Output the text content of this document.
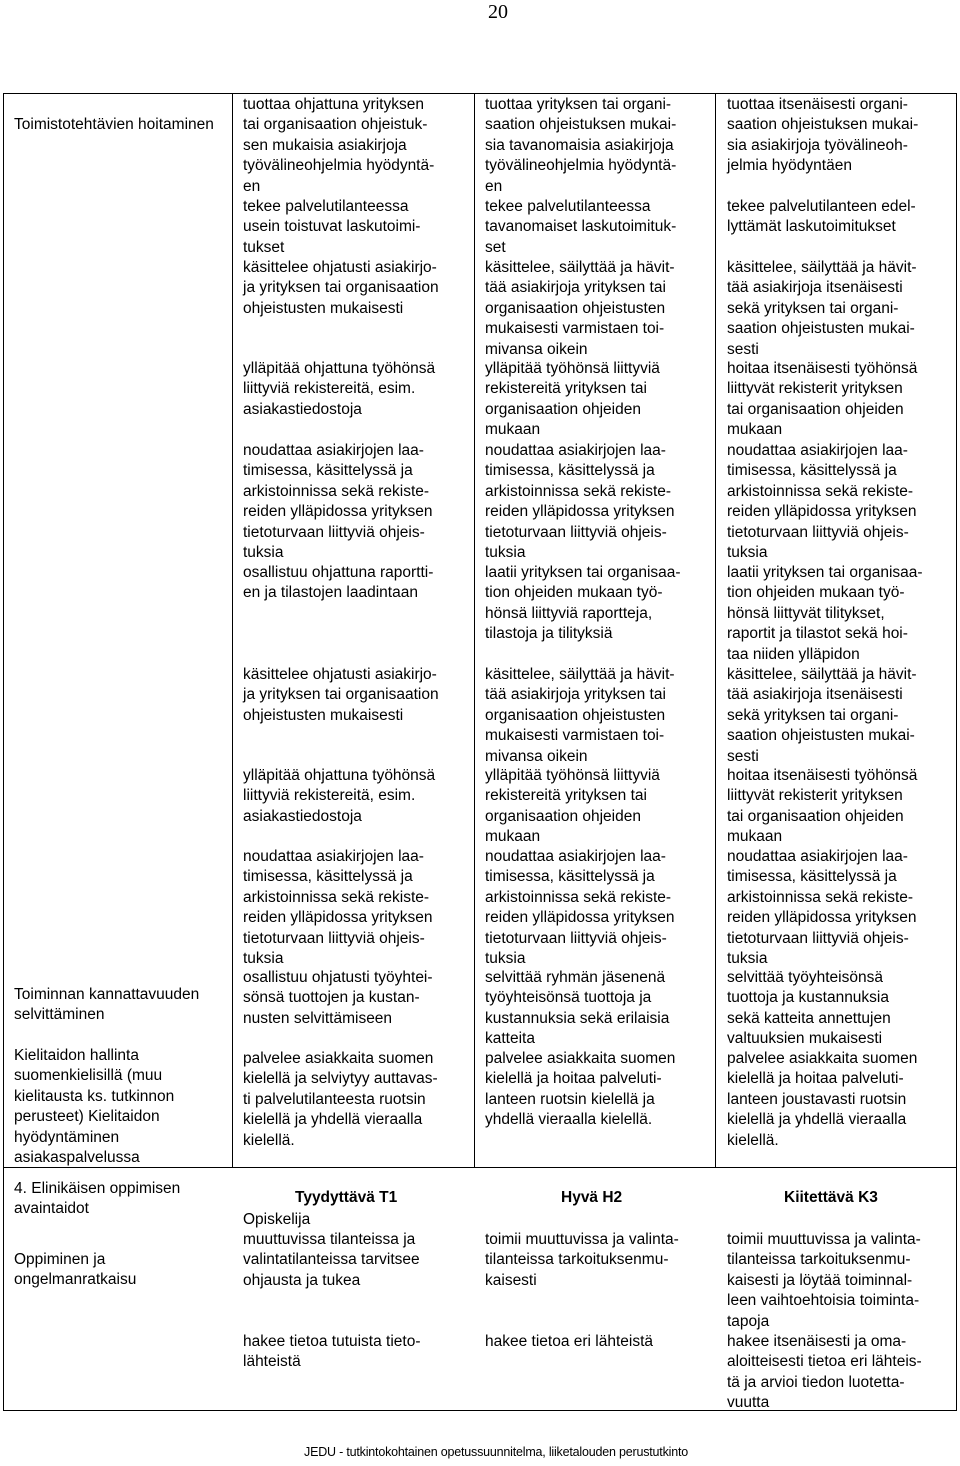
20
Toimistotehtävien hoitaminen
Toiminnan kannattavuuden selvittäminen
Kielitaidon hallinta suomenkielisillä (muu kielitausta ks. tutkinnon perusteet) Kielitaidon hyödyntäminen asiakaspalvelussa
4. Elinikäisen oppimisen avaintaidot
Oppiminen ja ongelmanratkaisu
Tyydyttävä T1	Hyvä H2	Kiitettävä K3
Opiskelija
JEDU - tutkintokohtainen opetussuunnitelma, liiketalouden perustutkinto
tuottaa ohjattuna yrityksen
tai organisaation ohjeistuk-
sen mukaisia asiakirjoja
työvälineohjelmia hyödyntä-
en
tekee palvelutilanteessa
usein toistuvat laskutoimi-
tukset
käsittelee ohjatusti asiakirjo-
ja yrityksen tai organisaation
ohjeistusten mukaisesti
ylläpitää ohjattuna työhönsä
liittyviä rekistereitä, esim.
asiakastiedostoja
noudattaa asiakirjojen laa-
timisessa, käsittelyssä ja
arkistoinnissa sekä rekiste-
reiden ylläpidossa yrityksen
tietoturvaan liittyviä ohjeis-
tuksia
osallistuu ohjattuna raportti-
en ja tilastojen laadintaan
käsittelee ohjatusti asiakirjo-
ja yrityksen tai organisaation
ohjeistusten mukaisesti
ylläpitää ohjattuna työhönsä
liittyviä rekistereitä, esim.
asiakastiedostoja
noudattaa asiakirjojen laa-
timisessa, käsittelyssä ja
arkistoinnissa sekä rekiste-
reiden ylläpidossa yrityksen
tietoturvaan liittyviä ohjeis-
tuksia
osallistuu ohjatusti työyhtei-
sönsä tuottojen ja kustan-
nusten selvittämiseen
palvelee asiakkaita suomen
kielellä ja selviytyy auttavas-
ti palvelutilanteesta ruotsin
kielellä ja yhdellä vieraalla
kielellä.
tuottaa yrityksen tai organi-
saation ohjeistuksen mukai-
sia tavanomaisia asiakirjoja
työvälineohjelmia hyödyntä-
en
tekee palvelutilanteessa
tavanomaiset laskutoimituk-
set
käsittelee, säilyttää ja hävit-
tää asiakirjoja yrityksen tai
organisaation ohjeistusten
mukaisesti varmistaen toi-
mivansa oikein
ylläpitää työhönsä liittyviä
rekistereitä yrityksen tai
organisaation ohjeiden
mukaan
noudattaa asiakirjojen laa-
timisessa, käsittelyssä ja
arkistoinnissa sekä rekiste-
reiden ylläpidossa yrityksen
tietoturvaan liittyviä ohjeis-
tuksia
laatii yrityksen tai organisaa-
tion ohjeiden mukaan työ-
hönsä liittyviä raportteja,
tilastoja ja tilityksiä
käsittelee, säilyttää ja hävit-
tää asiakirjoja yrityksen tai
organisaation ohjeistusten
mukaisesti varmistaen toi-
mivansa oikein
ylläpitää työhönsä liittyviä
rekistereitä yrityksen tai
organisaation ohjeiden
mukaan
noudattaa asiakirjojen laa-
timisessa, käsittelyssä ja
arkistoinnissa sekä rekiste-
reiden ylläpidossa yrityksen
tietoturvaan liittyviä ohjeis-
tuksia
selvittää ryhmän jäsenenä
työyhteisönsä tuottoja ja
kustannuksia sekä erilaisia
katteita
palvelee asiakkaita suomen
kielellä ja hoitaa palveluti-
lanteen ruotsin kielellä ja
yhdellä vieraalla kielellä.
tuottaa itsenäisesti organi-
saation ohjeistuksen mukai-
sia asiakirjoja työvälineoh-
jelmia hyödyntäen
tekee palvelutilanteen edel-
lyttämät laskutoimitukset
käsittelee, säilyttää ja hävit-
tää asiakirjoja itsenäisesti
sekä yrityksen tai organi-
saation ohjeistusten mukai-
sesti
hoitaa itsenäisesti työhönsä
liittyvät rekisterit yrityksen
tai organisaation ohjeiden
mukaan
noudattaa asiakirjojen laa-
timisessa, käsittelyssä ja
arkistoinnissa sekä rekiste-
reiden ylläpidossa yrityksen
tietoturvaan liittyviä ohjeis-
tuksia
laatii yrityksen tai organisaa-
tion ohjeiden mukaan työ-
hönsä liittyvät tilitykset,
raportit ja tilastot sekä hoi-
taa niiden ylläpidon
käsittelee, säilyttää ja hävit-
tää asiakirjoja itsenäisesti
sekä yrityksen tai organi-
saation ohjeistusten mukai-
sesti
hoitaa itsenäisesti työhönsä
liittyvät rekisterit yrityksen
tai organisaation ohjeiden
mukaan
noudattaa asiakirjojen laa-
timisessa, käsittelyssä ja
arkistoinnissa sekä rekiste-
reiden ylläpidossa yrityksen
tietoturvaan liittyviä ohjeis-
tuksia
selvittää työyhteisönsä
tuottoja ja kustannuksia
sekä katteita annettujen
valtuuksien mukaisesti
palvelee asiakkaita suomen
kielellä ja hoitaa palveluti-
lanteen joustavasti ruotsin
kielellä ja yhdellä vieraalla
kielellä.
muuttuvissa tilanteissa ja
valintatilanteissa tarvitsee
ohjausta ja tukea
hakee tietoa tutuista tieto-
lähteistä
toimii muuttuvissa ja valinta-
tilanteissa tarkoituksenmu-
kaisesti
hakee tietoa eri lähteistä
toimii muuttuvissa ja valinta-
tilanteissa tarkoituksenmu-
kaisesti ja löytää toiminnal-
leen vaihtoehtoisia toiminta-
tapoja
hakee itsenäisesti ja oma-
aloitteisesti tietoa eri lähteis-
tä ja arvioi tiedon luotetta-
vuutta
